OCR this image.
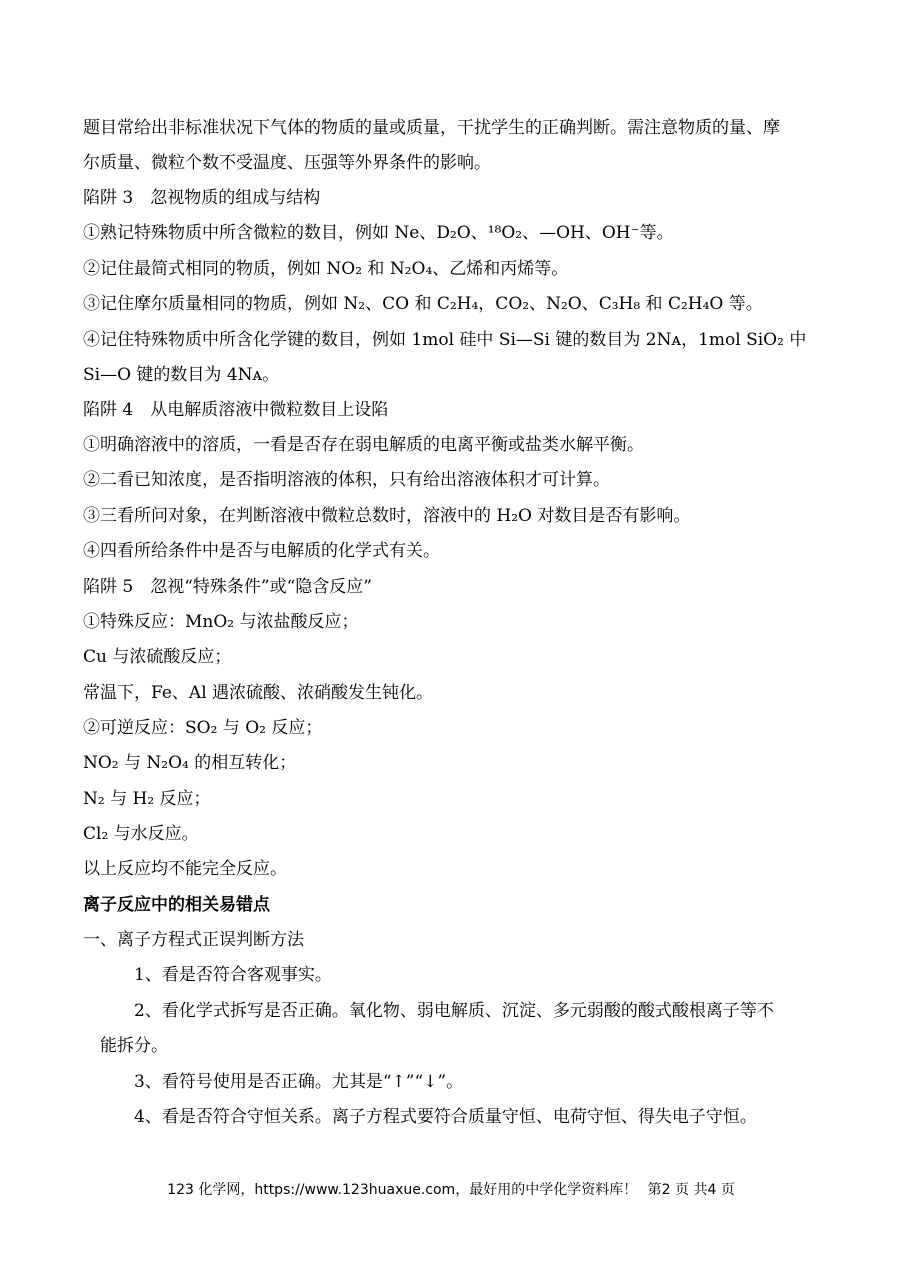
题目常给出非标准状况下气体的物质的量或质量，干扰学生的正确判断。需注意物质的量、摩
尔质量、微粒个数不受温度、压强等外界条件的影响。
陷阱 3　忽视物质的组成与结构
①熟记特殊物质中所含微粒的数目，例如 Ne、D₂O、¹⁸O₂、—OH、OH⁻等。
②记住最简式相同的物质，例如 NO₂ 和 N₂O₄、乙烯和丙烯等。
③记住摩尔质量相同的物质，例如 N₂、CO 和 C₂H₄，CO₂、N₂O、C₃H₈ 和 C₂H₄O 等。
④记住特殊物质中所含化学键的数目，例如 1mol 硅中 Si—Si 键的数目为 2Nᴀ，1mol SiO₂ 中
Si—O 键的数目为 4Nᴀ。
陷阱 4　从电解质溶液中微粒数目上设陷
①明确溶液中的溶质，一看是否存在弱电解质的电离平衡或盐类水解平衡。
②二看已知浓度，是否指明溶液的体积，只有给出溶液体积才可计算。
③三看所问对象，在判断溶液中微粒总数时，溶液中的 H₂O 对数目是否有影响。
④四看所给条件中是否与电解质的化学式有关。
陷阱 5　忽视“特殊条件”或“隐含反应”
①特殊反应：MnO₂ 与浓盐酸反应；
Cu 与浓硫酸反应；
常温下，Fe、Al 遇浓硫酸、浓硝酸发生钝化。
②可逆反应：SO₂ 与 O₂ 反应；
NO₂ 与 N₂O₄ 的相互转化；
N₂ 与 H₂ 反应；
Cl₂ 与水反应。
以上反应均不能完全反应。
离子反应中的相关易错点
一、离子方程式正误判断方法
1、看是否符合客观事实。
2、看化学式拆写是否正确。氧化物、弱电解质、沉淀、多元弱酸的酸式酸根离子等不
能拆分。
3、看符号使用是否正确。尤其是“↑”“↓”。
4、看是否符合守恒关系。离子方程式要符合质量守恒、电荷守恒、得失电子守恒。
123 化学网，https://www.123huaxue.com，最好用的中学化学资料库！ 第2 页 共4 页
